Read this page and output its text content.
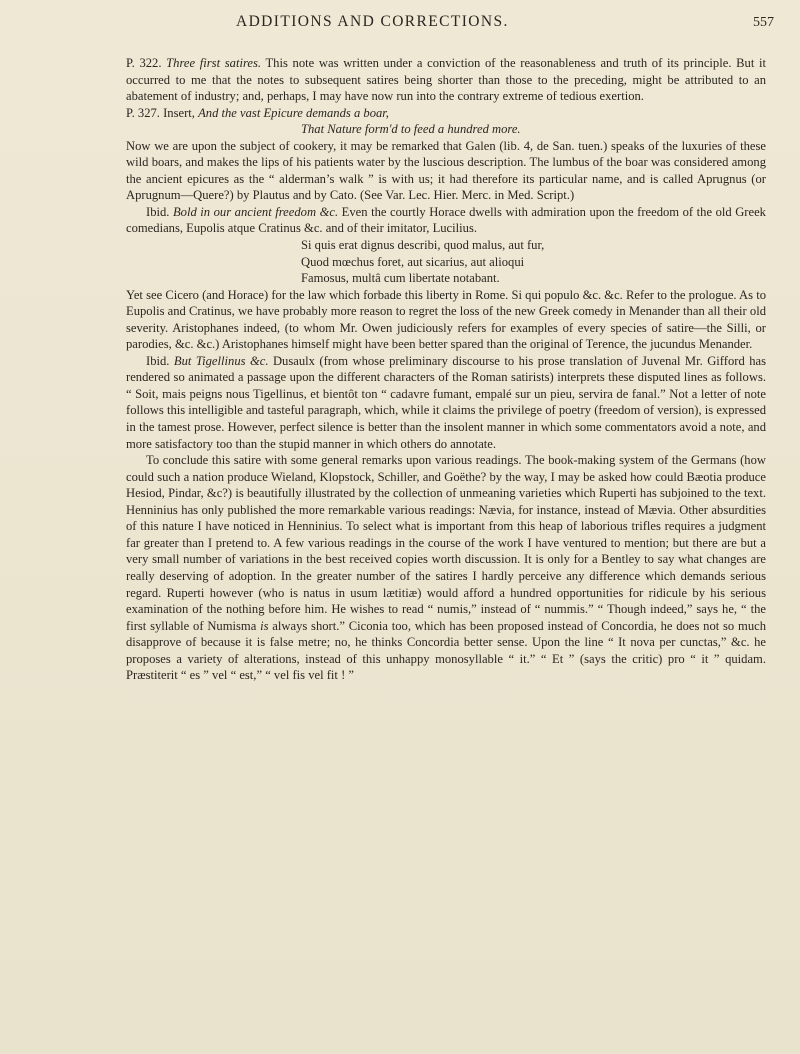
ADDITIONS AND CORRECTIONS.	557

P. 322. Three first satires. This note was written under a conviction of the reasonableness and truth of its principle. But it occurred to me that the notes to subsequent satires being shorter than those to the preceding, might be attributed to an abatement of industry; and, perhaps, I may have now run into the contrary extreme of tedious exertion.

P. 327. Insert, And the vast Epicure demands a boar,

That Nature form'd to feed a hundred more.

Now we are upon the subject of cookery, it may be remarked that Galen (lib. 4, de San. tuen.) speaks of the luxuries of these wild boars, and makes the lips of his patients water by the luscious description. The lumbus of the boar was considered among the ancient epicures as the “ alderman’s walk ” is with us; it had therefore its particular name, and is called Aprugnus (or Aprugnum—Quere?) by Plautus and by Cato. (See Var. Lec. Hier. Merc. in Med. Script.)

Ibid. Bold in our ancient freedom &c. Even the courtly Horace dwells with admiration upon the freedom of the old Greek comedians, Eupolis atque Cratinus &c. and of their imitator, Lucilius.

Si quis erat dignus describi, quod malus, aut fur,

Quod mœchus foret, aut sicarius, aut alioqui

Famosus, multâ cum libertate notabant.

Yet see Cicero (and Horace) for the law which forbade this liberty in Rome. Si qui populo &c. &c. Refer to the prologue. As to Eupolis and Cratinus, we have probably more reason to regret the loss of the new Greek comedy in Menander than all their old severity. Aristophanes indeed, (to whom Mr. Owen judiciously refers for examples of every species of satire—the Silli, or parodies, &c. &c.) Aristophanes himself might have been better spared than the original of Terence, the jucundus Menander.

Ibid. But Tigellinus &c. Dusaulx (from whose preliminary discourse to his prose translation of Juvenal Mr. Gifford has rendered so animated a passage upon the different characters of the Roman satirists) interprets these disputed lines as follows. “ Soit, mais peigns nous Tigellinus, et bientôt ton “ cadavre fumant, empalé sur un pieu, servira de fanal.” Not a letter of note follows this intelligible and tasteful paragraph, which, while it claims the privilege of poetry (freedom of version), is expressed in the tamest prose. However, perfect silence is better than the insolent manner in which some commentators avoid a note, and more satisfactory too than the stupid manner in which others do annotate.

To conclude this satire with some general remarks upon various readings. The book-making system of the Germans (how could such a nation produce Wieland, Klopstock, Schiller, and Goëthe? by the way, I may be asked how could Bæotia produce Hesiod, Pindar, &c?) is beautifully illustrated by the collection of unmeaning varieties which Ruperti has subjoined to the text. Henninius has only published the more remarkable various readings: Nævia, for instance, instead of Mævia. Other absurdities of this nature I have noticed in Henninius. To select what is important from this heap of laborious trifles requires a judgment far greater than I pretend to. A few various readings in the course of the work I have ventured to mention; but there are but a very small number of variations in the best received copies worth discussion. It is only for a Bentley to say what changes are really deserving of adoption. In the greater number of the satires I hardly perceive any difference which demands serious regard. Ruperti however (who is natus in usum lætitiæ) would afford a hundred opportunities for ridicule by his serious examination of the nothing before him. He wishes to read “ numis,” instead of “ nummis.” “ Though indeed,” says he, “ the first syllable of Numisma is always short.” Ciconia too, which has been proposed instead of Concordia, he does not so much disapprove of because it is false metre; no, he thinks Concordia better sense. Upon the line “ It nova per cunctas,” &c. he proposes a variety of alterations, instead of this unhappy monosyllable “ it.” “ Et ” (says the critic) pro “ it ” quidam. Præstiterit “ es ” vel “ est,” “ vel fis vel fit ! ”
